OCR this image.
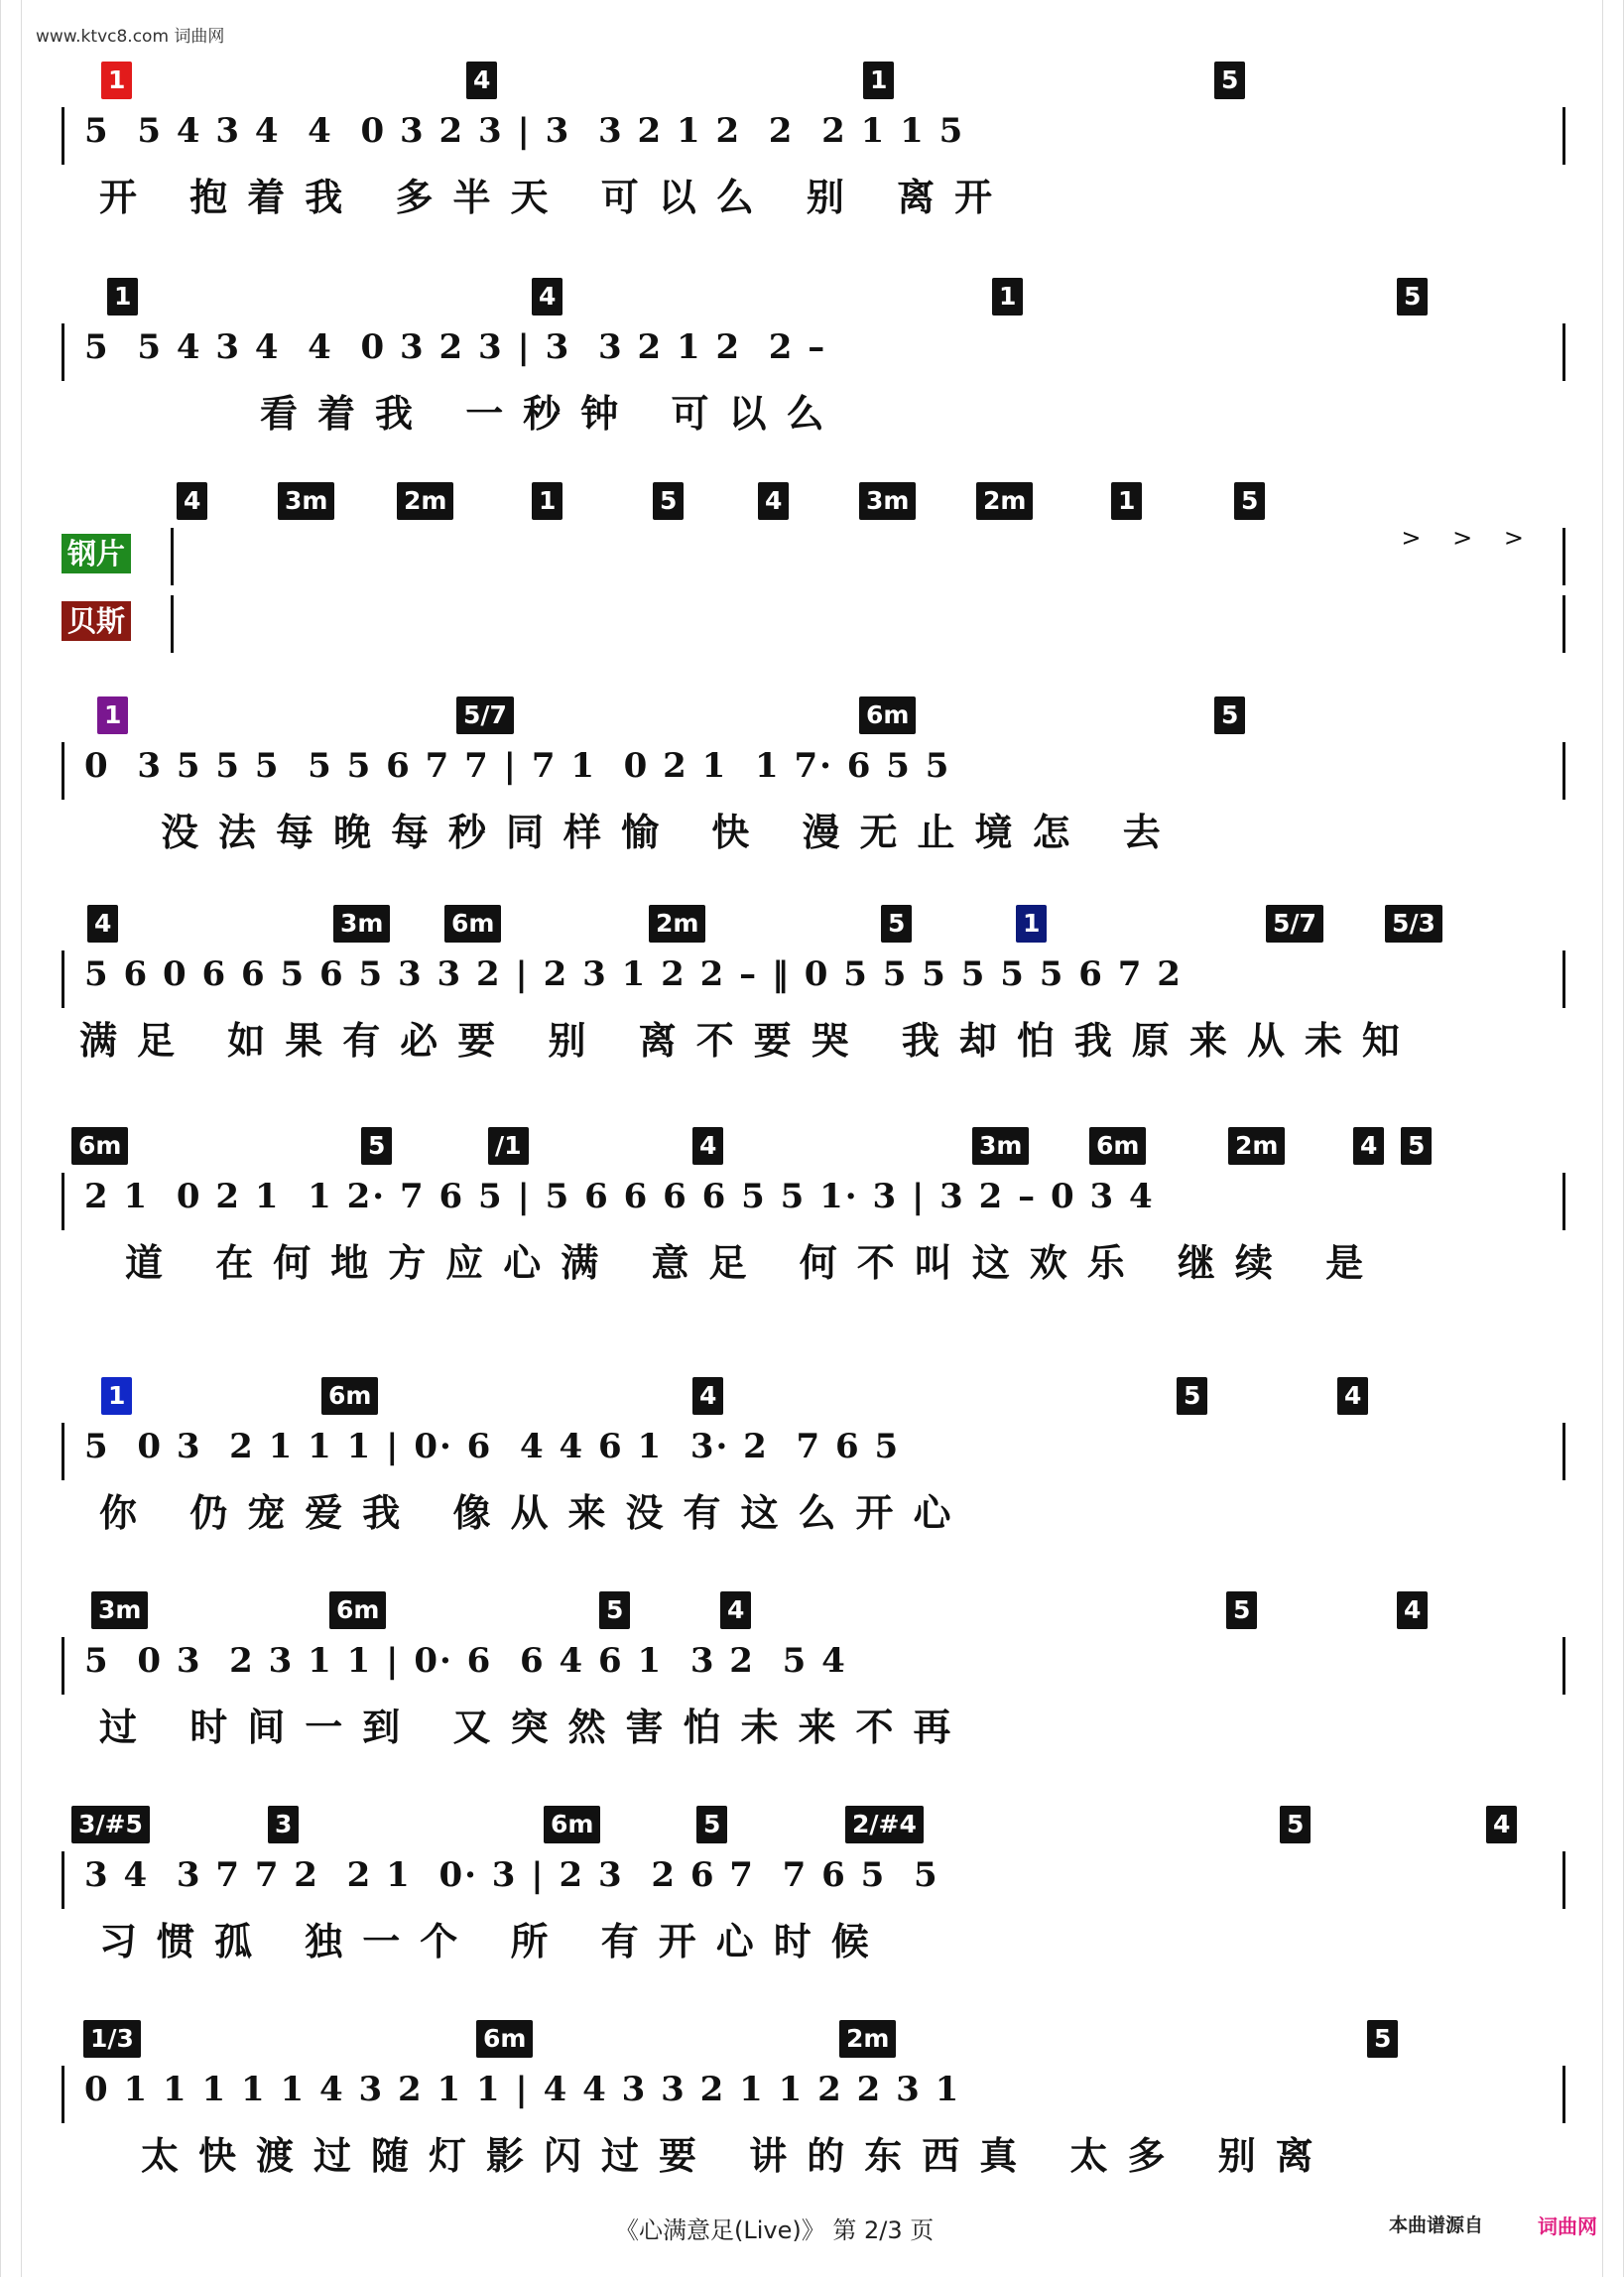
www.ktvc8.com 词曲网
1	4	1	5
5  5 4 3 4  4  0 3 2 3 | 3  3 2 1 2  2  2 1 1 5
开 抱着我 多半天 可以么 别 离开
1	4	1	5
5  5 4 3 4  4  0 3 2 3 | 3  3 2 1 2  2 –
看着我 一秒钟 可以么
4	3m	2m	1	5	4	3m	2m	1	5
钢片

	> > >
贝斯

1	5/7	6m	5
0  3 5 5 5  5 5 6 7 7 | 7 1  0 2 1  1 7· 6 5 5
没法每晚每秒同样愉 快 漫无止境怎 去
4	3m	6m	2m	5	1	5/7	5/3
5 6 0 6 6 5 6 5 3 3 2 | 2 3 1 2 2 – ‖ 0 5 5 5 5 5 5 6 7 2
满足 如果有必要 别 离不要哭 我却怕我原来从未知
6m	5	/1	4	3m	6m	2m	4 5
2 1  0 2 1  1 2· 7 6 5 | 5 6 6 6 6 5 5 1· 3 | 3 2 – 0 3 4
道 在何地方应心满 意足 何不叫这欢乐 继续 是
1	6m	4	5	4
5  0 3  2 1 1 1 | 0· 6  4 4 6 1  3· 2  7 6 5
你 仍宠爱我 像从来没有这么开心
3m	6m	5	4	5	4
5  0 3  2 3 1 1 | 0· 6  6 4 6 1  3 2  5 4
过 时间一到 又突然害怕未来不再
3/#5	3	6m	5	2/#4	5	4
3 4  3 7 7 2  2 1  0· 3 | 2 3  2 6 7  7 6 5  5
习惯孤 独一个 所 有开心时候
1/3	6m	2m	5
0 1 1 1 1 1 4 3 2 1 1 | 4 4 3 3 2 1 1 2 2 3 1
太快渡过随灯影闪过要 讲的东西真 太多 别离
《心满意足(Live)》 第 2/3 页	本曲谱源自	词曲网
